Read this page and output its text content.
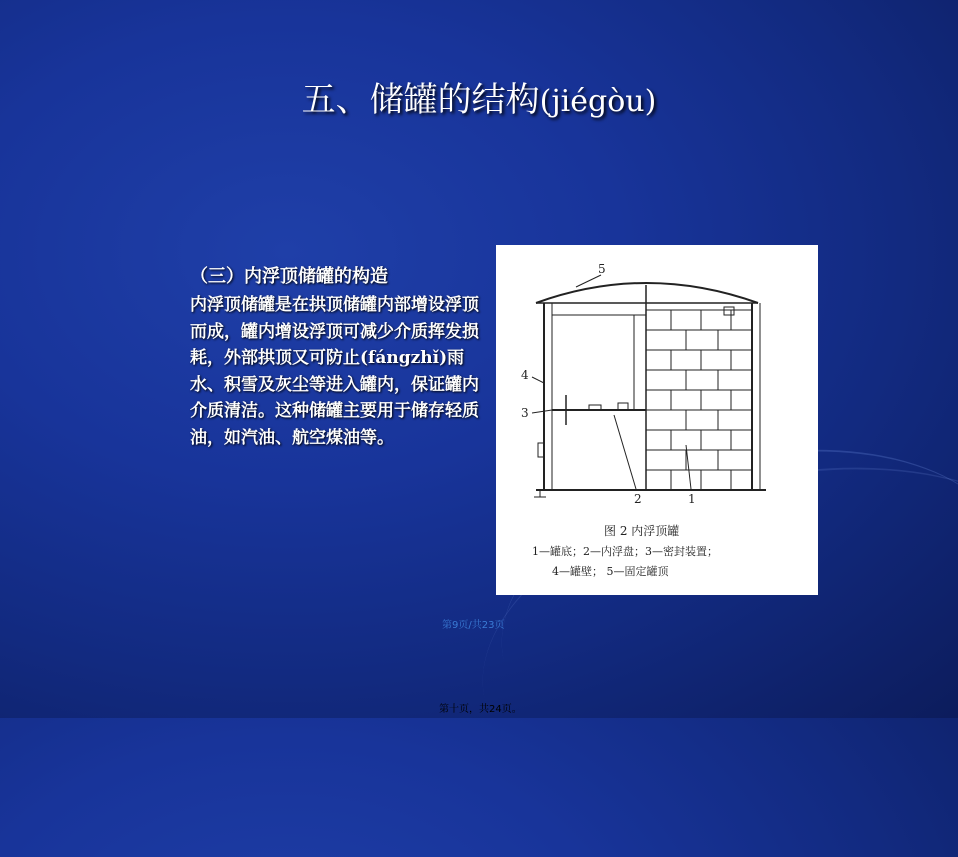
五、储罐的结构(jiégòu)
（三）内浮顶储罐的构造
内浮顶储罐是在拱顶储罐内部增设浮顶而成，罐内增设浮顶可减少介质挥发损耗，外部拱顶又可防止(fángzhǐ)雨水、积雪及灰尘等进入罐内，保证罐内介质清洁。这种储罐主要用于储存轻质油，如汽油、航空煤油等。
5
4
3
2	1
图 2 内浮顶罐
1—罐底；2—内浮盘；3—密封装置；
4—罐壁； 5—固定罐顶
第9页/共23页
第十页，共24页。
